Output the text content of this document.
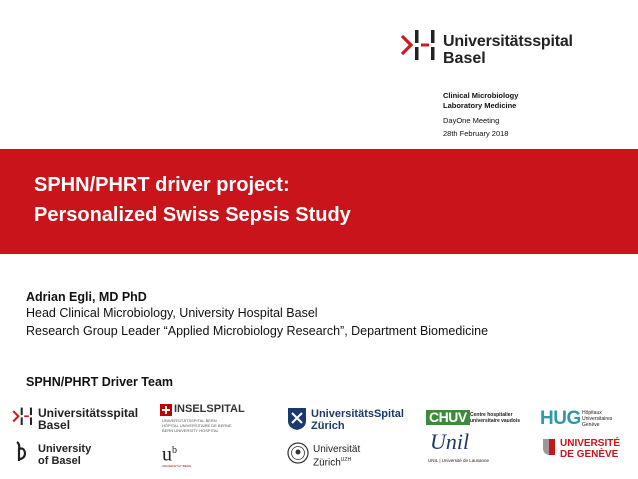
Universitätsspital
Basel
Clinical Microbiology
Laboratory Medicine
DayOne Meeting
28th February 2018
SPHN/PHRT driver project:
Personalized Swiss Sepsis Study
Adrian Egli, MD PhD
Head Clinical Microbiology, University Hospital Basel
Research Group Leader “Applied Microbiology Research”, Department Biomedicine
SPHN/PHRT Driver Team
Universitätsspital
Basel
University
of Basel
INSELSPITAL
UNIVERSITÄTSSPITAL BERN
HÔPITAL UNIVERSITAIRE DE BERNE
BERN UNIVERSITY HOSPITAL
$u^b$
UNIVERSITÄT BERN
UniversitätsSpital
Zürich
Universität
Zürich$^{UZH}$
CHUV Centre hospitalier
universitaire vaudois
Unil
UNIL | Université de Lausanne
HUG Hôpitaux
Universitaires
Genève
UNIVERSITÉ
DE GENÈVE
